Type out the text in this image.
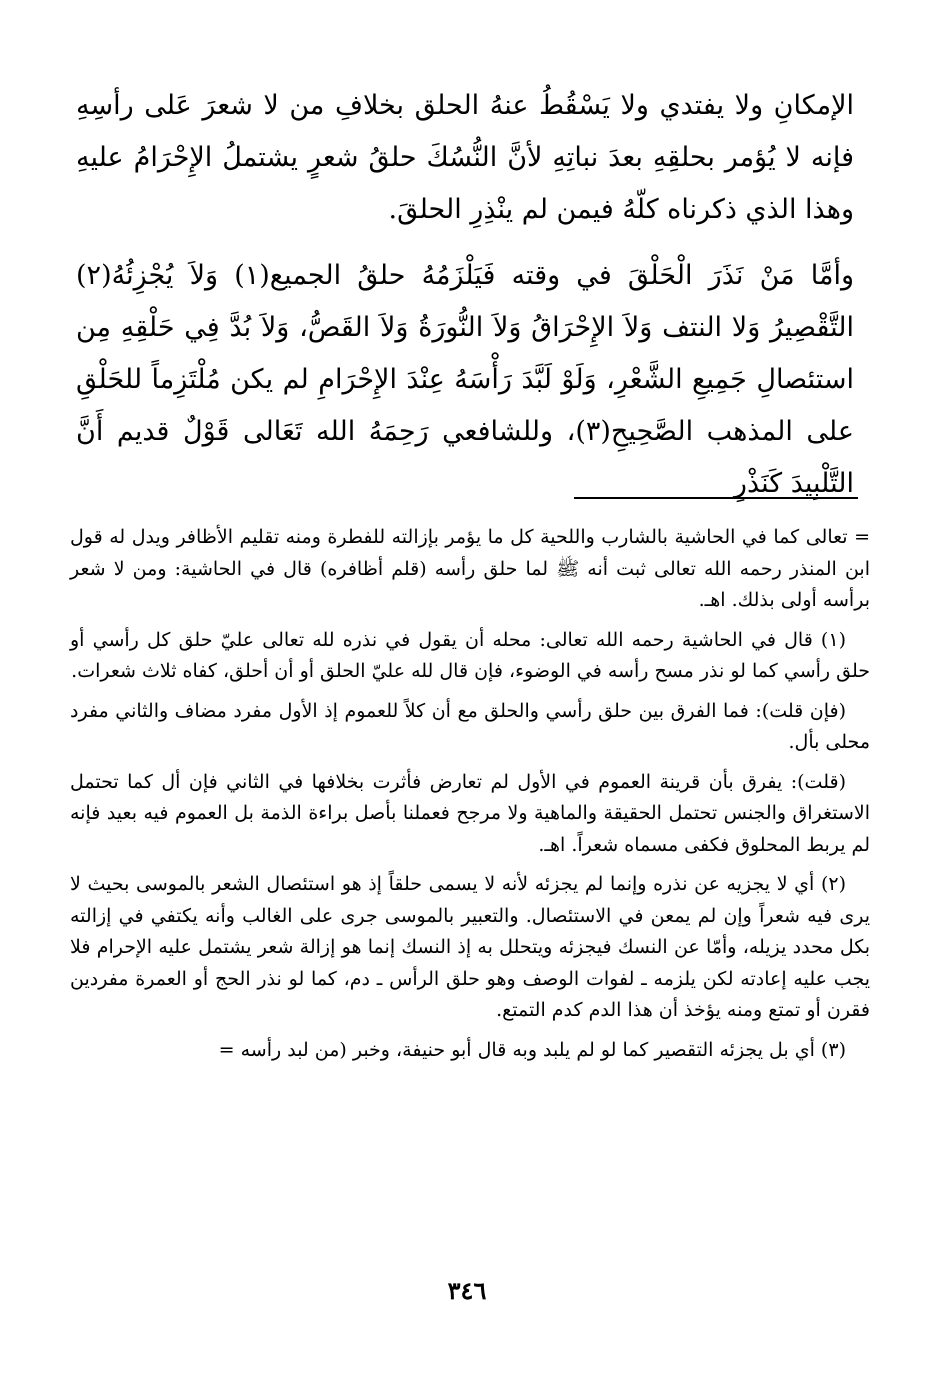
الإمكانِ ولا يفتدي ولا يَسْقُطُ عنهُ الحلق بخلافِ من لا شعرَ عَلى رأسِهِ فإنه لا يُؤمر بحلقِهِ بعدَ نباتِهِ لأنَّ النُّسُكَ حلقُ شعرٍ يشتملُ الإِحْرَامُ عليهِ وهذا الذي ذكرناه كلّهُ فيمن لم ينْذِرِ الحلقَ.

وأمَّا مَنْ نَذَرَ الْحَلْقَ في وقته فَيَلْزَمُهُ حلقُ الجميع(١) وَلاَ يُجْزِئُهُ(٢) التَّقْصِيرُ وَلا النتف وَلاَ الإِحْرَاقُ وَلاَ النُّورَةُ وَلاَ القَصُّ، وَلاَ بُدَّ فِي حَلْقِهِ مِن استئصالِ جَمِيعِ الشَّعْرِ، وَلَوْ لَبَّدَ رَأْسَهُ عِنْدَ الإِحْرَامِ لم يكن مُلْتَزِماً للحَلْقِ على المذهب الصَّحِيحِ(٣)، وللشافعي رَحِمَهُ الله تَعَالى قَوْلٌ قديم أَنَّ التَّلْبِيدَ كَنَذْرِ

= تعالى كما في الحاشية بالشارب واللحية كل ما يؤمر بإزالته للفطرة ومنه تقليم الأظافر ويدل له قول ابن المنذر رحمه الله تعالى ثبت أنه ﷺ لما حلق رأسه (قلم أظافره) قال في الحاشية: ومن لا شعر برأسه أولى بذلك. اهـ.

(١) قال في الحاشية رحمه الله تعالى: محله أن يقول في نذره لله تعالى عليّ حلق كل رأسي أو حلق رأسي كما لو نذر مسح رأسه في الوضوء، فإن قال لله عليّ الحلق أو أن أحلق، كفاه ثلاث شعرات.

(فإن قلت): فما الفرق بين حلق رأسي والحلق مع أن كلاً للعموم إذ الأول مفرد مضاف والثاني مفرد محلى بأل.

(قلت): يفرق بأن قرينة العموم في الأول لم تعارض فأثرت بخلافها في الثاني فإن أل كما تحتمل الاستغراق والجنس تحتمل الحقيقة والماهية ولا مرجح فعملنا بأصل براءة الذمة بل العموم فيه بعيد فإنه لم يربط المحلوق فكفى مسماه شعراً. اهـ.

(٢) أي لا يجزيه عن نذره وإنما لم يجزئه لأنه لا يسمى حلقاً إذ هو استئصال الشعر بالموسى بحيث لا يرى فيه شعراً وإن لم يمعن في الاستئصال. والتعبير بالموسى جرى على الغالب وأنه يكتفي في إزالته بكل محدد يزيله، وأمّا عن النسك فيجزئه ويتحلل به إذ النسك إنما هو إزالة شعر يشتمل عليه الإحرام فلا يجب عليه إعادته لكن يلزمه ـ لفوات الوصف وهو حلق الرأس ـ دم، كما لو نذر الحج أو العمرة مفردين فقرن أو تمتع ومنه يؤخذ أن هذا الدم كدم التمتع.

(٣) أي بل يجزئه التقصير كما لو لم يلبد وبه قال أبو حنيفة، وخبر (من لبد رأسه =

٣٤٦
